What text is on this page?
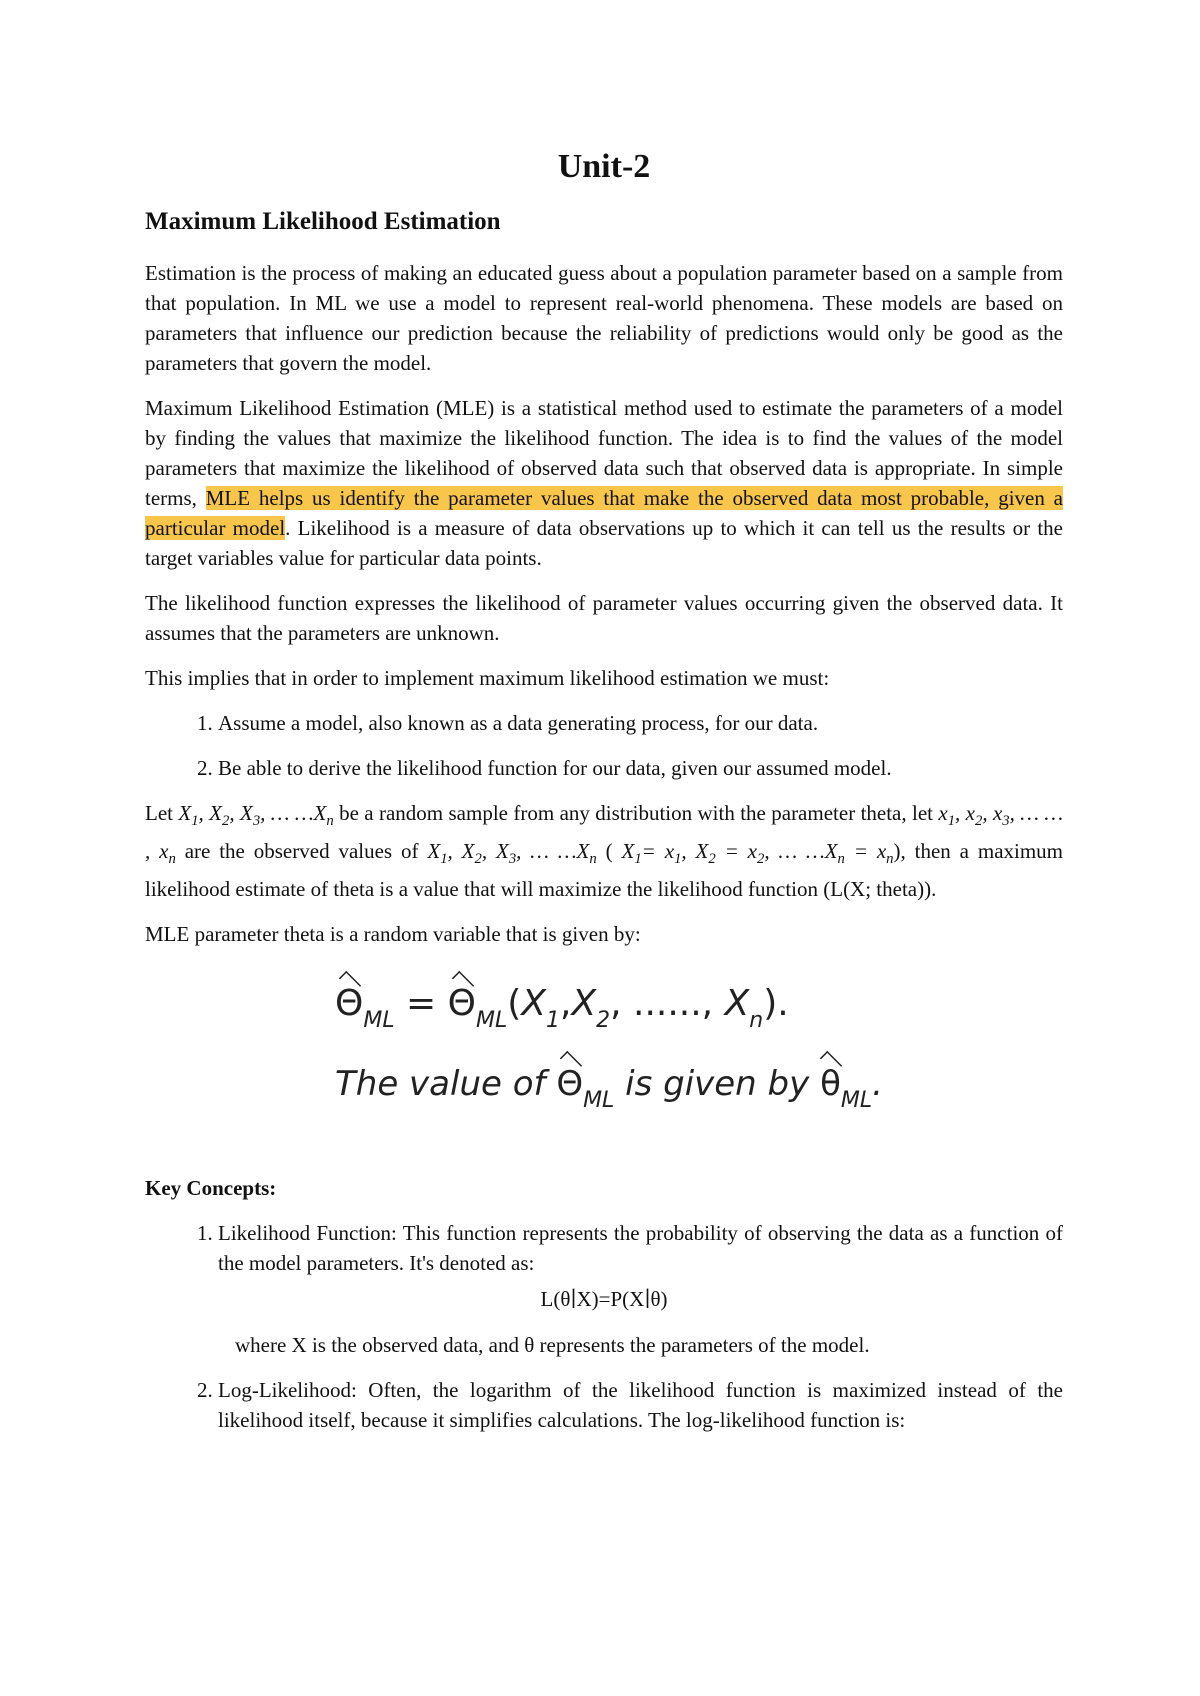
Unit-2
Maximum Likelihood Estimation

Estimation is the process of making an educated guess about a population parameter based on a sample from that population. In ML we use a model to represent real-world phenomena. These models are based on parameters that influence our prediction because the reliability of predictions would only be good as the parameters that govern the model.

Maximum Likelihood Estimation (MLE) is a statistical method used to estimate the parameters of a model by finding the values that maximize the likelihood function. The idea is to find the values of the model parameters that maximize the likelihood of observed data such that observed data is appropriate. In simple terms, MLE helps us identify the parameter values that make the observed data most probable, given a particular model. Likelihood is a measure of data observations up to which it can tell us the results or the target variables value for particular data points.

The likelihood function expresses the likelihood of parameter values occurring given the observed data. It assumes that the parameters are unknown.

This implies that in order to implement maximum likelihood estimation we must:

1. Assume a model, also known as a data generating process, for our data.
2. Be able to derive the likelihood function for our data, given our assumed model.

Let $X_1$, $X_2$, $X_3$, … $\dots X_n$ be a random sample from any distribution with the parameter theta, let $x_1$, $x_2$, $x_3$, … … , $x_n$ are the observed values of $X_1$, $X_2$, $X_3$, … $\dots X_n$ ( $X_1= x_1$, $X_2 = x_2$, … $\dots X_n = x_n$), then a maximum likelihood estimate of theta is a value that will maximize the likelihood function (L(X; theta)).

MLE parameter theta is a random variable that is given by:

$\Theta_{ML} = \Theta_{ML}(X_1,X_2$, ......, $X_n$).
The value of $\Theta_{ML}$ is given by $\theta_{ML}$.

Key Concepts:

1. Likelihood Function: This function represents the probability of observing the data as a function of the model parameters. It's denoted as:
L(θ∣X)=P(X∣θ)
where X is the observed data, and θ represents the parameters of the model.
2. Log-Likelihood: Often, the logarithm of the likelihood function is maximized instead of the likelihood itself, because it simplifies calculations. The log-likelihood function is:
